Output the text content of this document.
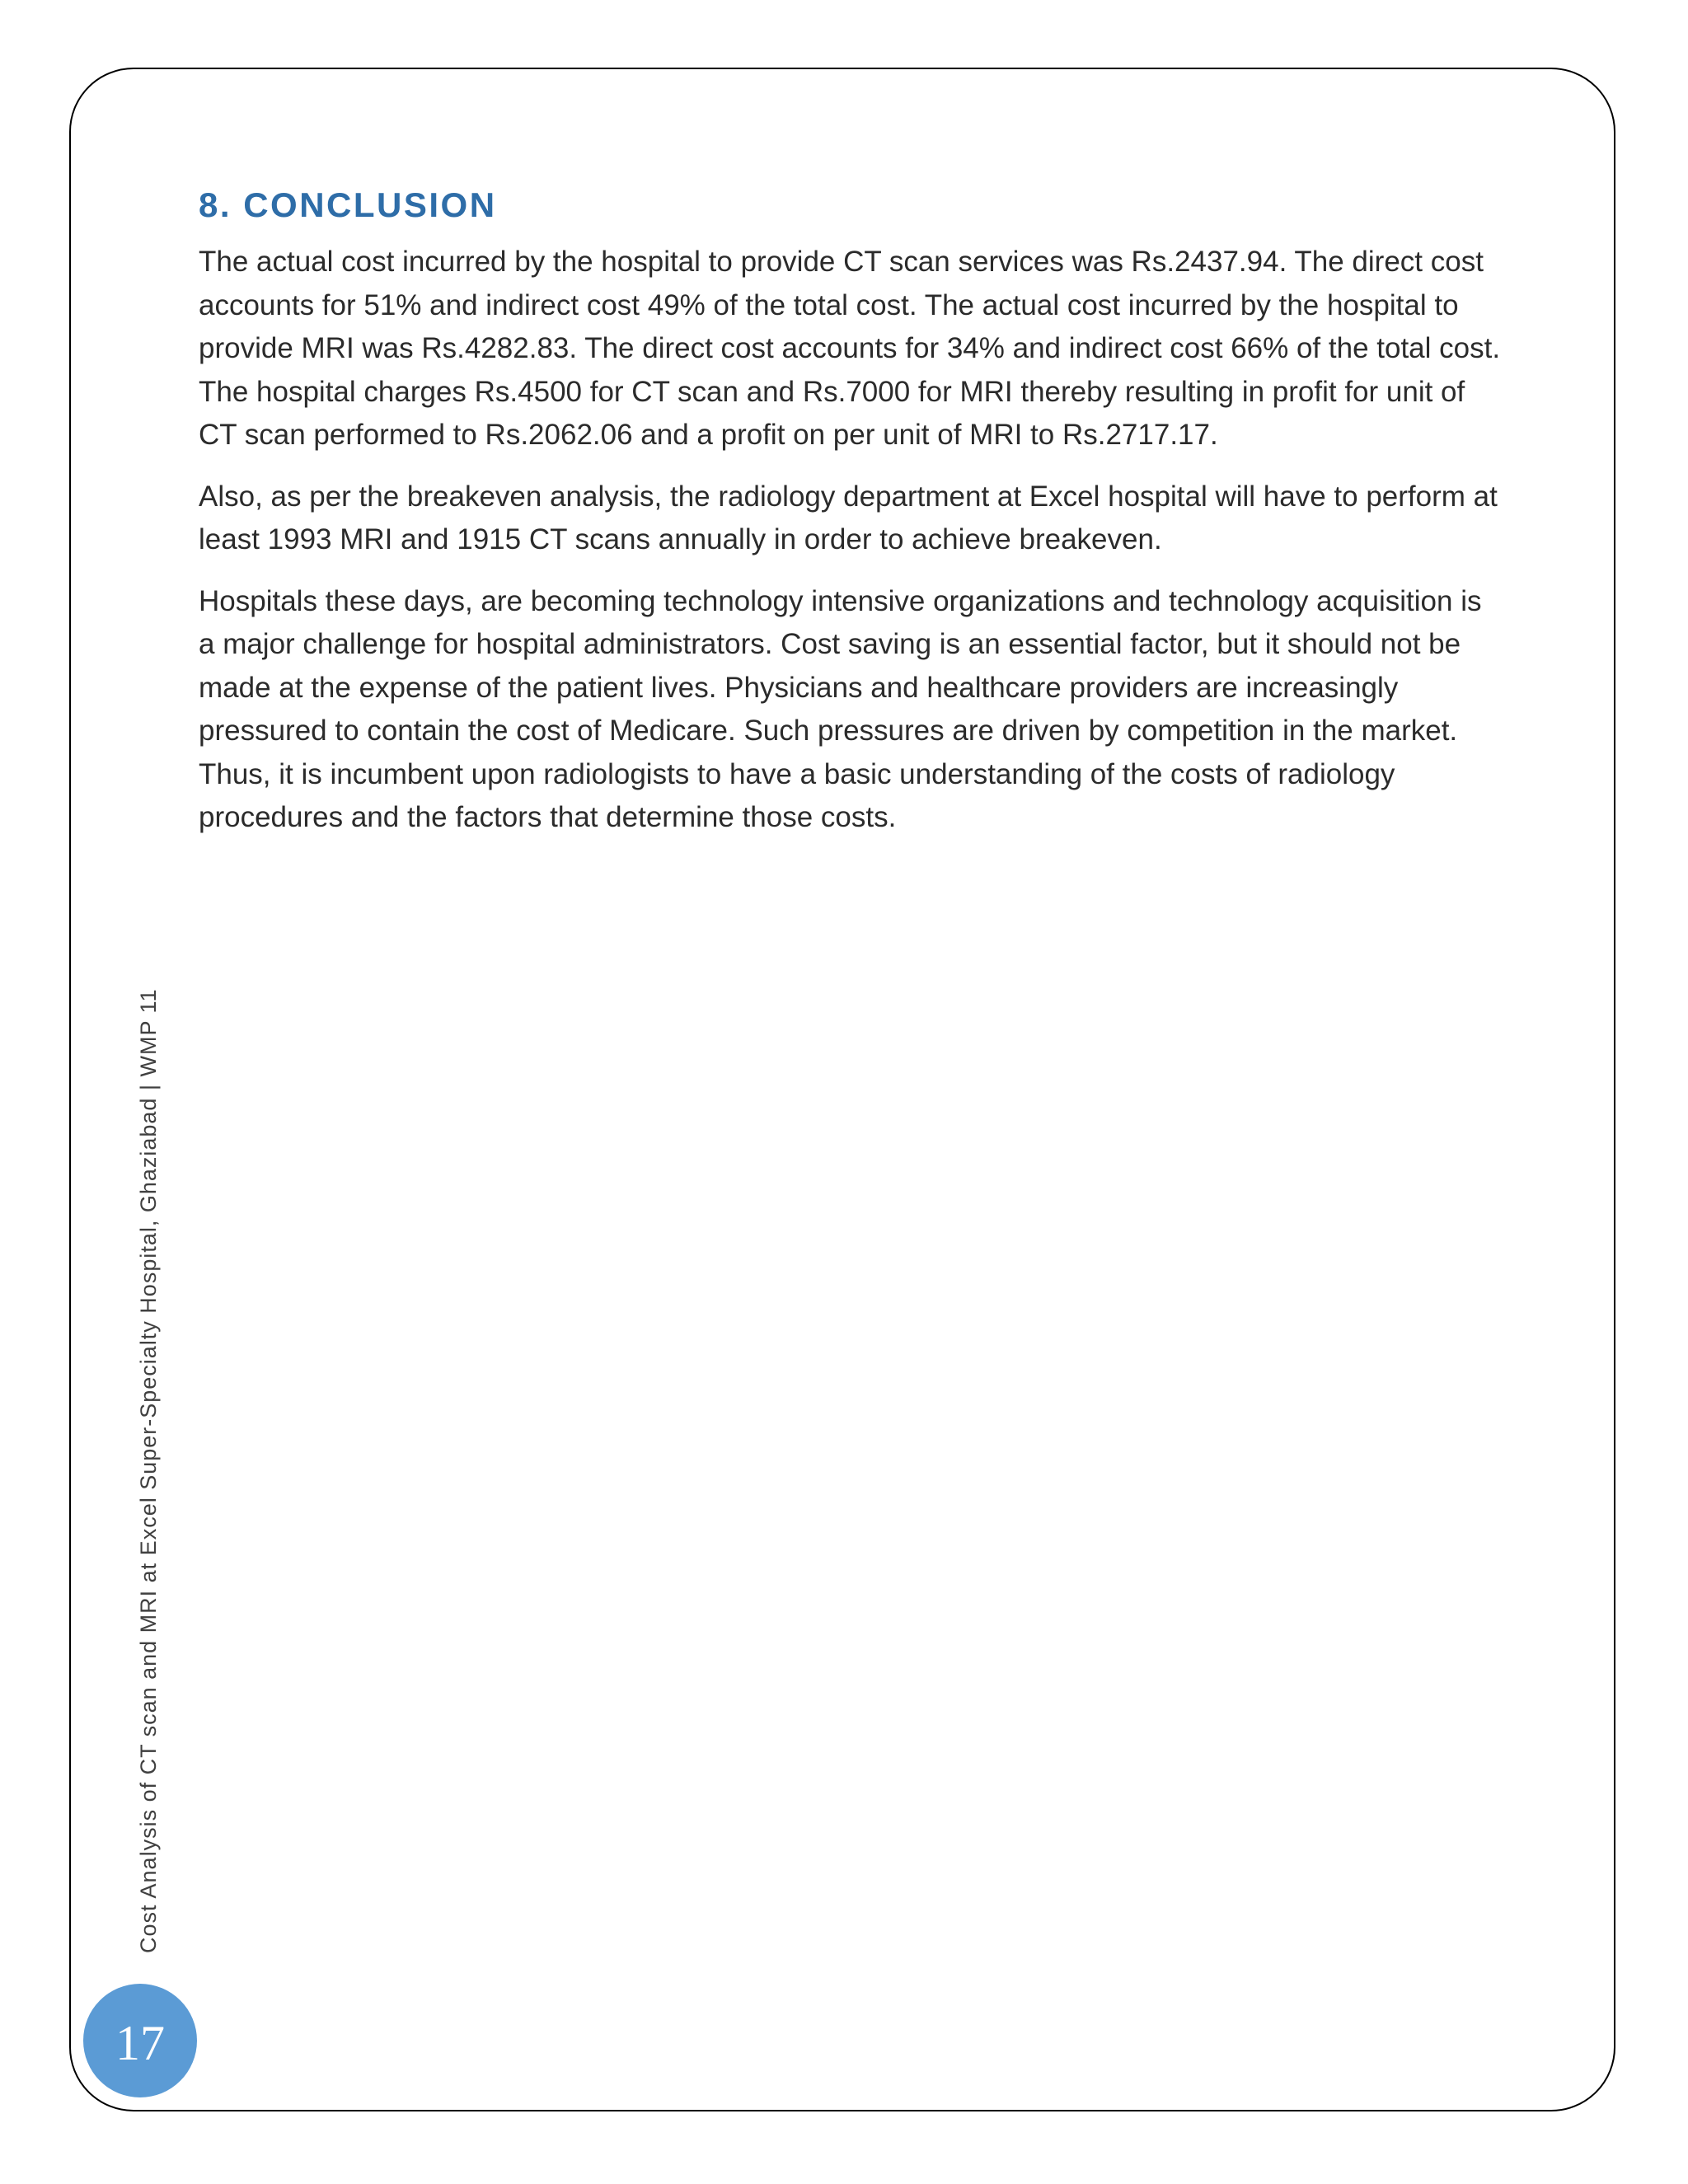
8. CONCLUSION

The actual cost incurred by the hospital to provide CT scan services was Rs.2437.94. The direct cost accounts for 51% and indirect cost 49% of the total cost. The actual cost incurred by the hospital to provide MRI was Rs.4282.83. The direct cost accounts for 34% and indirect cost 66% of the total cost. The hospital charges Rs.4500 for CT scan and Rs.7000 for MRI thereby resulting in profit for unit of CT scan performed to Rs.2062.06 and a profit on per unit of MRI to Rs.2717.17.

Also, as per the breakeven analysis, the radiology department at Excel hospital will have to perform at least 1993 MRI and 1915 CT scans annually in order to achieve breakeven.

Hospitals these days, are becoming technology intensive organizations and technology acquisition is a major challenge for hospital administrators. Cost saving is an essential factor, but it should not be made at the expense of the patient lives. Physicians and healthcare providers are increasingly pressured to contain the cost of Medicare. Such pressures are driven by competition in the market. Thus, it is incumbent upon radiologists to have a basic understanding of the costs of radiology procedures and the factors that determine those costs.

Cost Analysis of CT scan and MRI at Excel Super-Specialty Hospital, Ghaziabad | WMP 11
17
